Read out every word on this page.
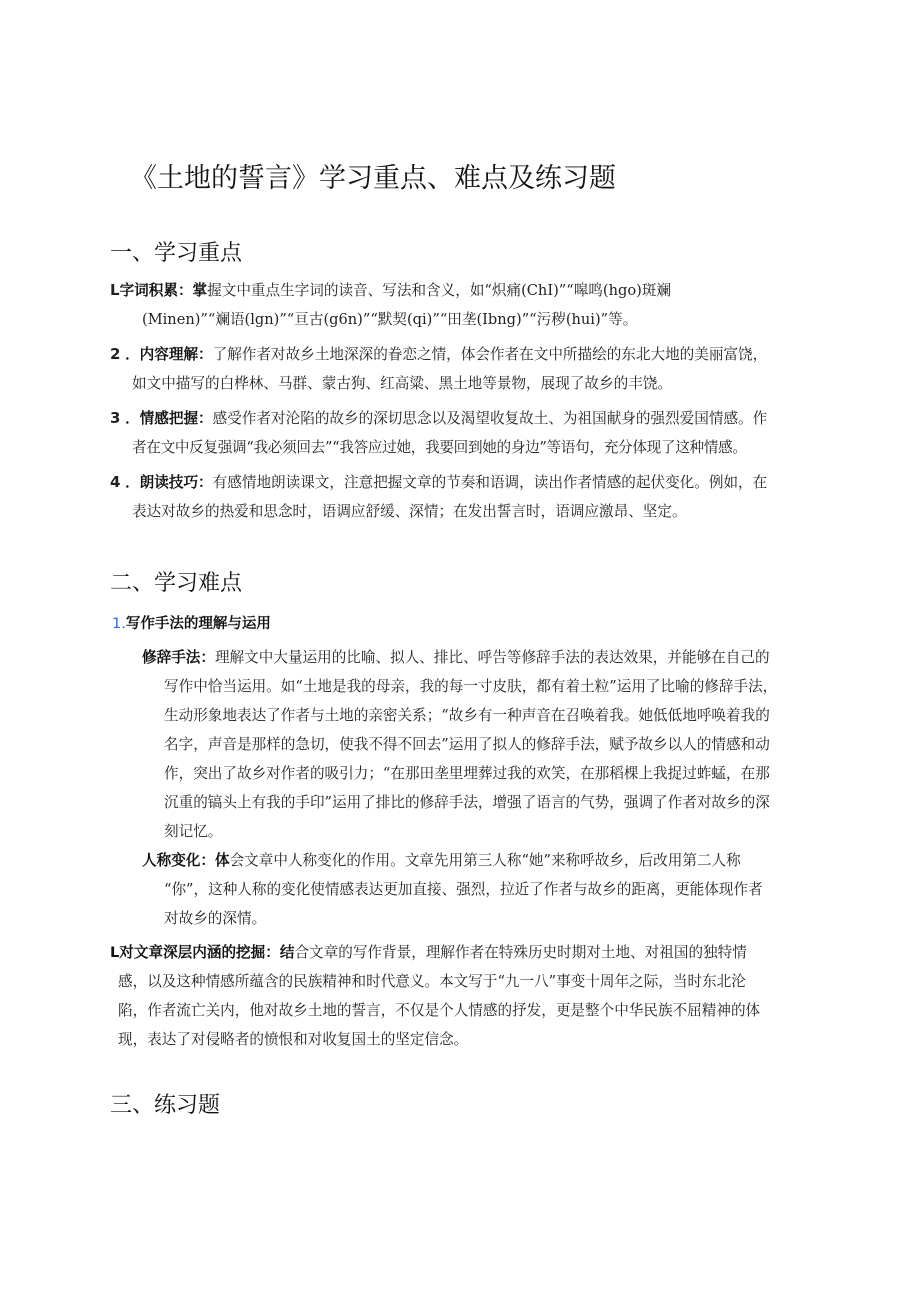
《土地的誓言》学习重点、难点及练习题
一、学习重点
L字词积累：掌握文中重点生字词的读音、写法和含义，如“炽痛(ChI)”“嗥鸣(hgo)斑斓
(Minen)”“斓语(lgn)”“亘古(g6n)”“默契(qi)”“田垄(Ibng)”“污秽(hui)”等。
2 ．内容理解：了解作者对故乡土地深深的眷恋之情，体会作者在文中所描绘的东北大地的美丽富饶，
如文中描写的白桦林、马群、蒙古狗、红高粱、黑土地等景物，展现了故乡的丰饶。
3 ．情感把握：感受作者对沦陷的故乡的深切思念以及渴望收复故土、为祖国献身的强烈爱国情感。作
者在文中反复强调“我必须回去”“我答应过她，我要回到她的身边”等语句，充分体现了这种情感。
4 ．朗读技巧：有感情地朗读课文，注意把握文章的节奏和语调，读出作者情感的起伏变化。例如，在
表达对故乡的热爱和思念时，语调应舒缓、深情；在发出誓言时，语调应激昂、坚定。
二、学习难点
1.写作手法的理解与运用
修辞手法：理解文中大量运用的比喻、拟人、排比、呼告等修辞手法的表达效果，并能够在自己的
写作中恰当运用。如“土地是我的母亲，我的每一寸皮肤，都有着土粒”运用了比喻的修辞手法，
生动形象地表达了作者与土地的亲密关系；“故乡有一种声音在召唤着我。她低低地呼唤着我的
名字，声音是那样的急切，使我不得不回去”运用了拟人的修辞手法，赋予故乡以人的情感和动
作，突出了故乡对作者的吸引力；“在那田垄里埋葬过我的欢笑，在那稻棵上我捉过蚱蜢，在那
沉重的镐头上有我的手印”运用了排比的修辞手法，增强了语言的气势，强调了作者对故乡的深
刻记忆。
人称变化：体会文章中人称变化的作用。文章先用第三人称“她”来称呼故乡，后改用第二人称
“你”，这种人称的变化使情感表达更加直接、强烈，拉近了作者与故乡的距离，更能体现作者
对故乡的深情。
L对文章深层内涵的挖掘：结合文章的写作背景，理解作者在特殊历史时期对土地、对祖国的独特情
感，以及这种情感所蕴含的民族精神和时代意义。本文写于“九一八”事变十周年之际，当时东北沦
陷，作者流亡关内，他对故乡土地的誓言，不仅是个人情感的抒发，更是整个中华民族不屈精神的体
现，表达了对侵略者的愤恨和对收复国土的坚定信念。
三、练习题
